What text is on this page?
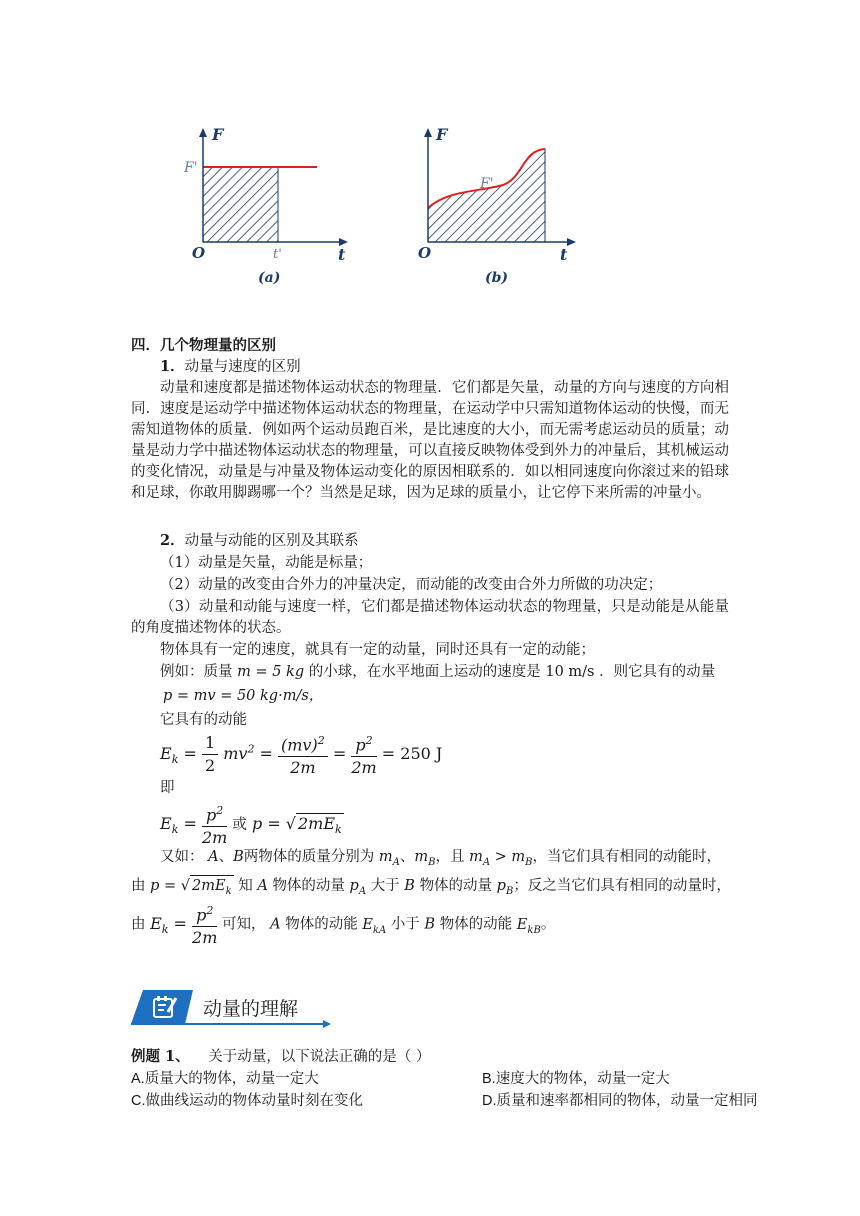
F
t
O
F'
t'
(a)
F
t
O
F'
(b)
四．几个物理量的区别
1．动量与速度的区别
动量和速度都是描述物体运动状态的物理量．它们都是矢量，动量的方向与速度的方向相同．速度是运动学中描述物体运动状态的物理量，在运动学中只需知道物体运动的快慢，而无需知道物体的质量．例如两个运动员跑百米，是比速度的大小，而无需考虑运动员的质量；动量是动力学中描述物体运动状态的物理量，可以直接反映物体受到外力的冲量后，其机械运动的变化情况，动量是与冲量及物体运动变化的原因相联系的．如以相同速度向你滚过来的铅球和足球，你敢用脚踢哪一个？当然是足球，因为足球的质量小，让它停下来所需的冲量小。
2．动量与动能的区别及其联系
（1）动量是矢量，动能是标量；
（2）动量的改变由合外力的冲量决定，而动能的改变由合外力所做的功决定；
（3）动量和动能与速度一样，它们都是描述物体运动状态的物理量，只是动能是从能量的角度描述物体的状态。
物体具有一定的速度，就具有一定的动量，同时还具有一定的动能；
例如：质量 m = 5 kg 的小球，在水平地面上运动的速度是 10 m/s ．则它具有的动量
p = mv = 50 kg·m/s，
它具有的动能
$E_k = \frac{1}{2} mv^2 = \frac{(mv)^2}{2m} = \frac{p^2}{2m} = 250$ J
即
$E_k = \frac{p^2}{2m}$ 或 p = √ $2mE_k$
又如： A、B两物体的质量分别为 $m_A$、$m_B$，且 $m_A > m_B$，当它们具有相同的动能时，
由 p = √ $2mE_k$ 知 A 物体的动量 $p_A$ 大于 B 物体的动量 $p_B$；反之当它们具有相同的动量时，
由 $E_k = \frac{p^2}{2m}$ 可知， A 物体的动能 $E_{kA}$ 小于 B 物体的动能 $E_{kB}$。
动量的理解
例题 1、 关于动量，以下说法正确的是（ ）
A.质量大的物体，动量一定大	B.速度大的物体，动量一定大
C.做曲线运动的物体动量时刻在变化	D.质量和速率都相同的物体，动量一定相同
